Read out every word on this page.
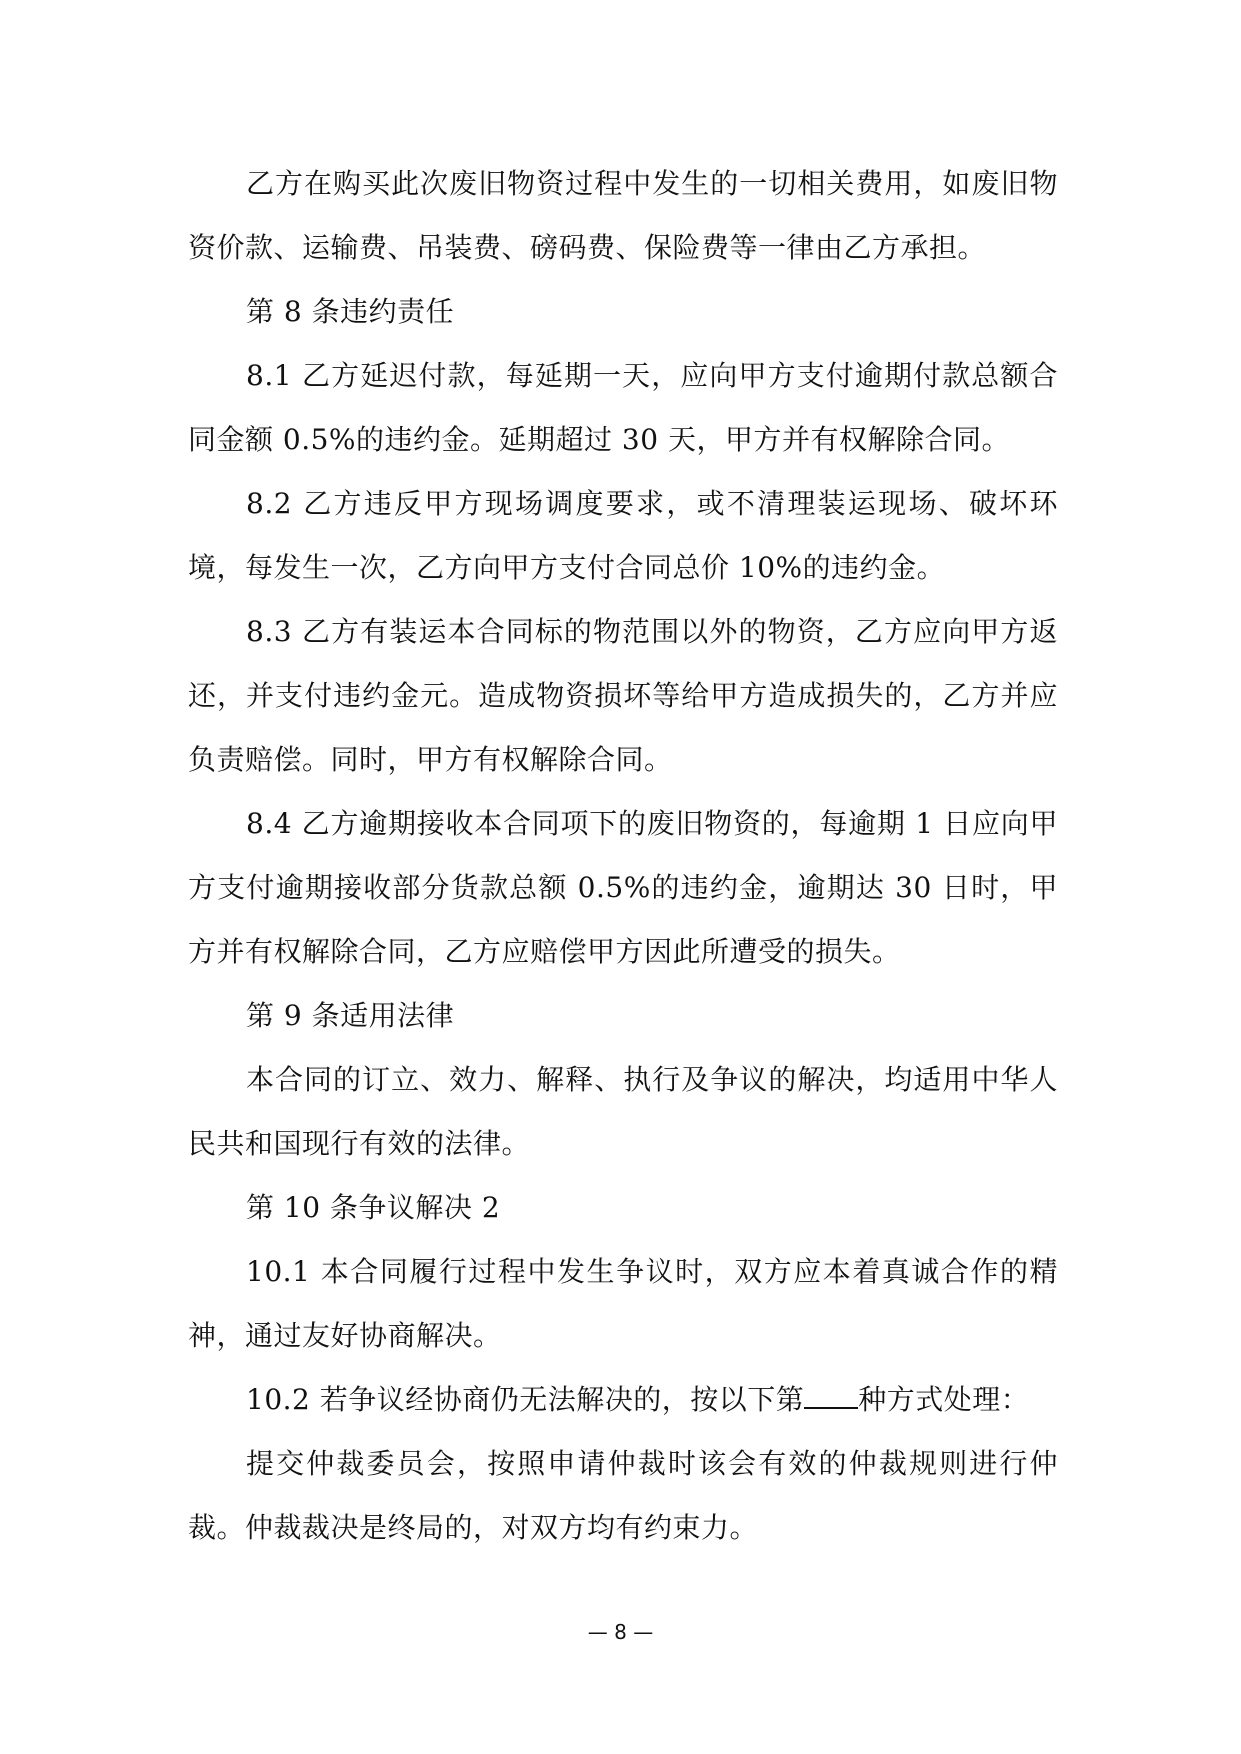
乙方在购买此次废旧物资过程中发生的一切相关费用，如废旧物资价款、运输费、吊装费、磅码费、保险费等一律由乙方承担。

第 8 条违约责任

8.1 乙方延迟付款，每延期一天，应向甲方支付逾期付款总额合同金额 0.5%的违约金。延期超过 30 天，甲方并有权解除合同。

8.2 乙方违反甲方现场调度要求，或不清理装运现场、破坏环境，每发生一次，乙方向甲方支付合同总价 10%的违约金。

8.3 乙方有装运本合同标的物范围以外的物资，乙方应向甲方返还，并支付违约金元。造成物资损坏等给甲方造成损失的，乙方并应负责赔偿。同时，甲方有权解除合同。

8.4 乙方逾期接收本合同项下的废旧物资的，每逾期 1 日应向甲方支付逾期接收部分货款总额 0.5%的违约金，逾期达 30 日时，甲方并有权解除合同，乙方应赔偿甲方因此所遭受的损失。

第 9 条适用法律

本合同的订立、效力、解释、执行及争议的解决，均适用中华人民共和国现行有效的法律。

第 10 条争议解决 2

10.1 本合同履行过程中发生争议时，双方应本着真诚合作的精神，通过友好协商解决。

10.2 若争议经协商仍无法解决的，按以下第 种方式处理：

提交仲裁委员会，按照申请仲裁时该会有效的仲裁规则进行仲裁。仲裁裁决是终局的，对双方均有约束力。

— 8 —
